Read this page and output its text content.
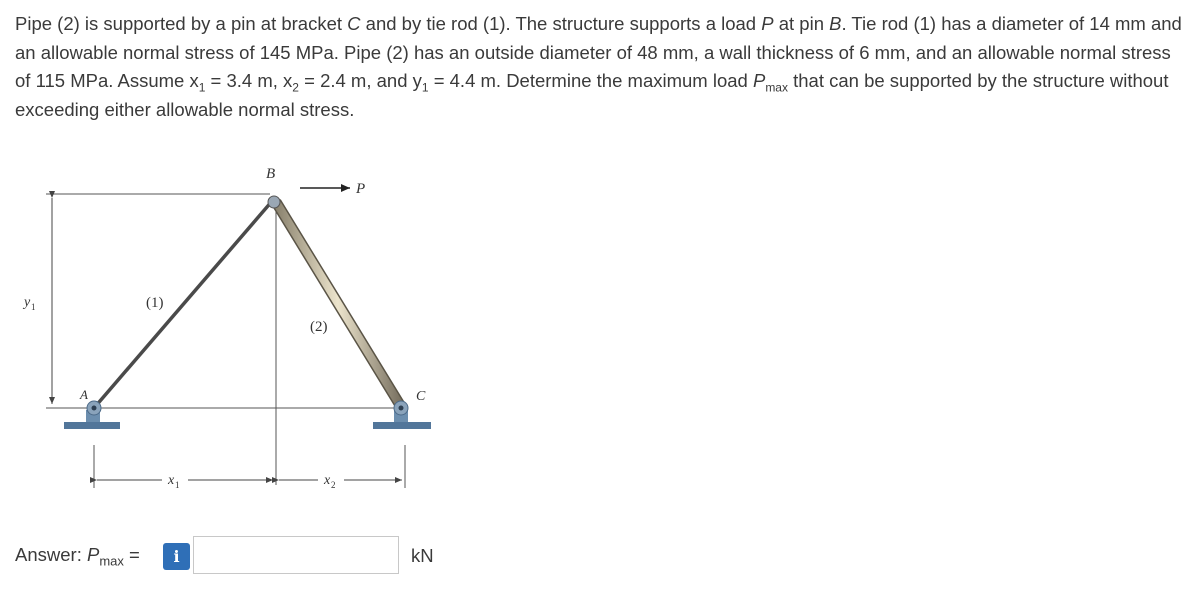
Pipe (2) is supported by a pin at bracket C and by tie rod (1). The structure supports a load P at pin B. Tie rod (1) has a diameter of 14 mm and an allowable normal stress of 145 MPa. Pipe (2) has an outside diameter of 48 mm, a wall thickness of 6 mm, and an allowable normal stress of 115 MPa. Assume $x_1 = 3.4$ m, $x_2 = 2.4$ m, and $y_1 = 4.4$ m. Determine the maximum load $P_{max}$ that can be supported by the structure without exceeding either allowable normal stress.
y 1	(1)
(2)
B
P
A	C
x 1	x 2
Answer: $P_{max}$ =	i	kN
